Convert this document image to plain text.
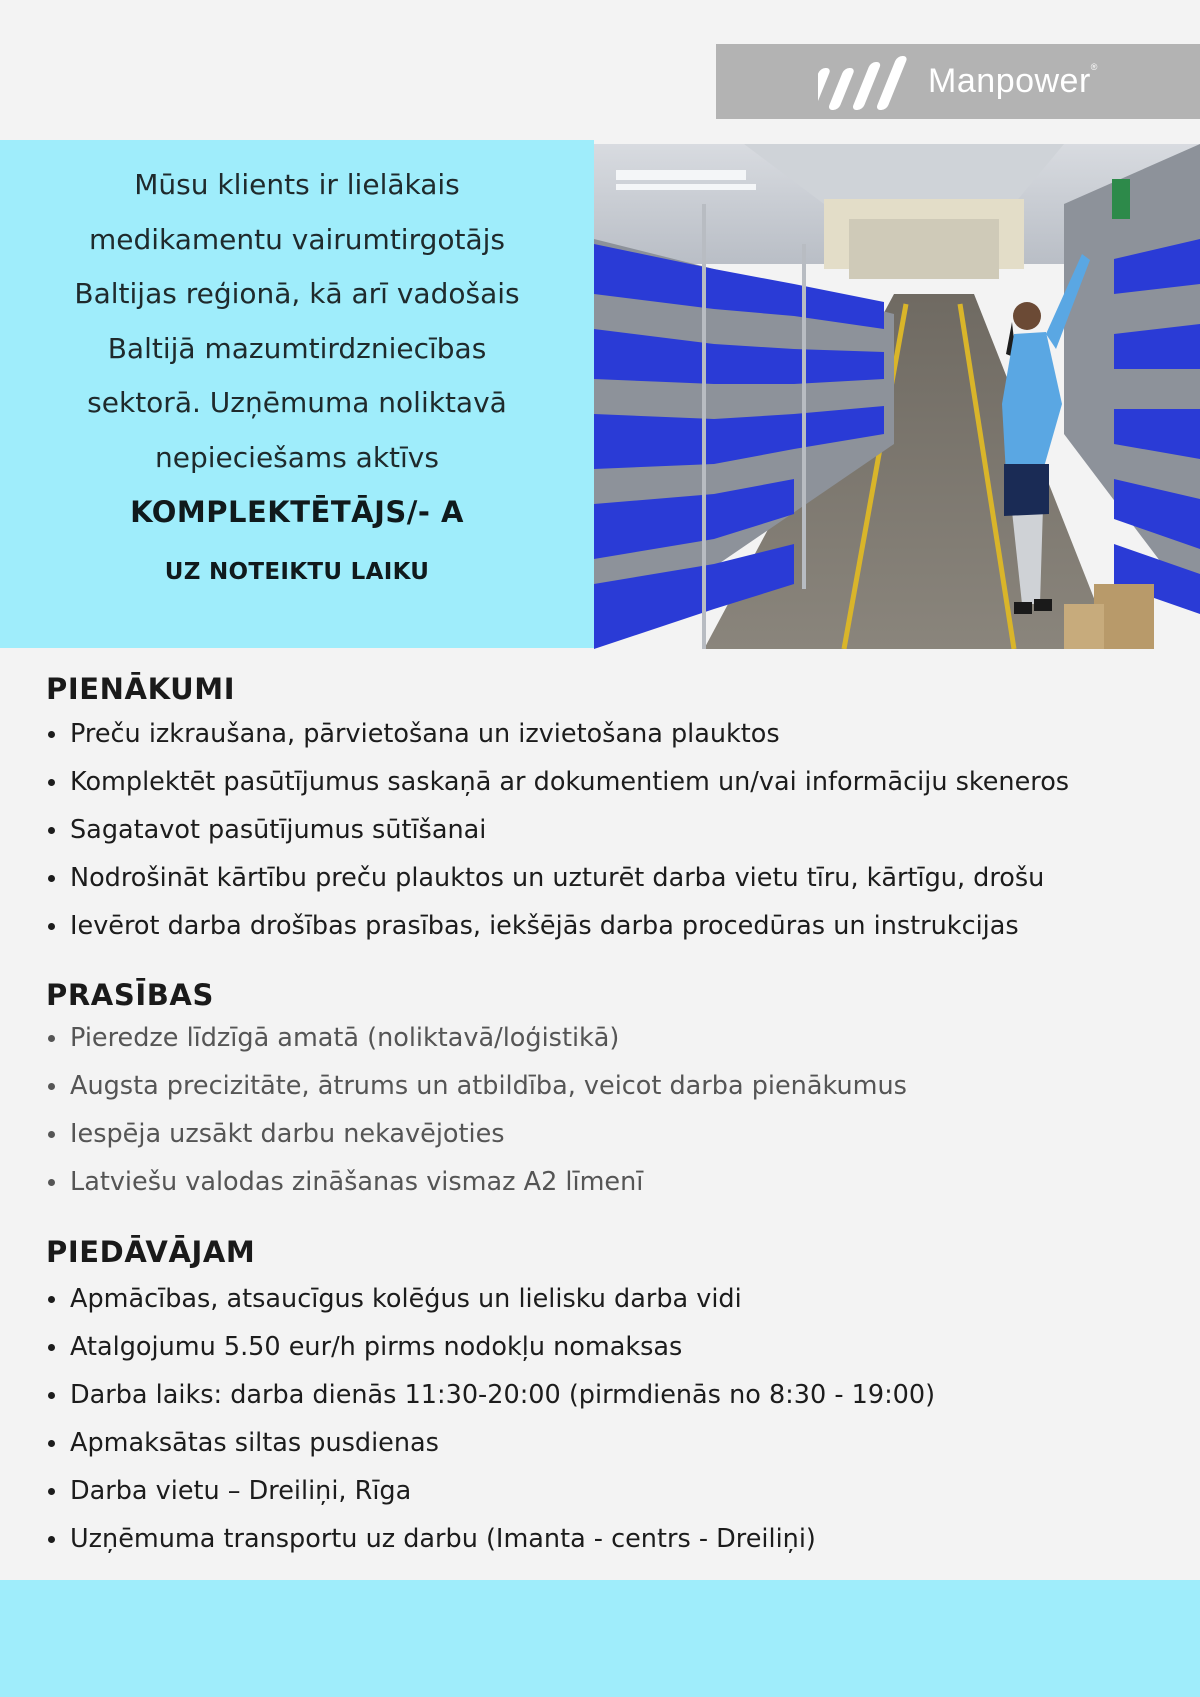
Manpower®

Mūsu klients ir lielākais
medikamentu vairumtirgotājs
Baltijas reģionā, kā arī vadošais
Baltijā mazumtirdzniecības
sektorā. Uzņēmuma noliktavā
nepieciešams aktīvs

KOMPLEKTĒTĀJS/- A
UZ NOTEIKTU LAIKU
PIENĀKUMI
Preču izkraušana, pārvietošana un izvietošana plauktos
Komplektēt pasūtījumus saskaņā ar dokumentiem un/vai informāciju skeneros
Sagatavot pasūtījumus sūtīšanai
Nodrošināt kārtību preču plauktos un uzturēt darba vietu tīru, kārtīgu, drošu
Ievērot darba drošības prasības, iekšējās darba procedūras un instrukcijas
PRASĪBAS
Pieredze līdzīgā amatā (noliktavā/loģistikā)
Augsta precizitāte, ātrums un atbildība, veicot darba pienākumus
Iespēja uzsākt darbu nekavējoties
Latviešu valodas zināšanas vismaz A2 līmenī
PIEDĀVĀJAM
Apmācības, atsaucīgus kolēģus un lielisku darba vidi
Atalgojumu 5.50 eur/h pirms nodokļu nomaksas
Darba laiks: darba dienās 11:30-20:00 (pirmdienās no 8:30 - 19:00)
Apmaksātas siltas pusdienas
Darba vietu – Dreiliņi, Rīga
Uzņēmuma transportu uz darbu (Imanta - centrs - Dreiliņi)
